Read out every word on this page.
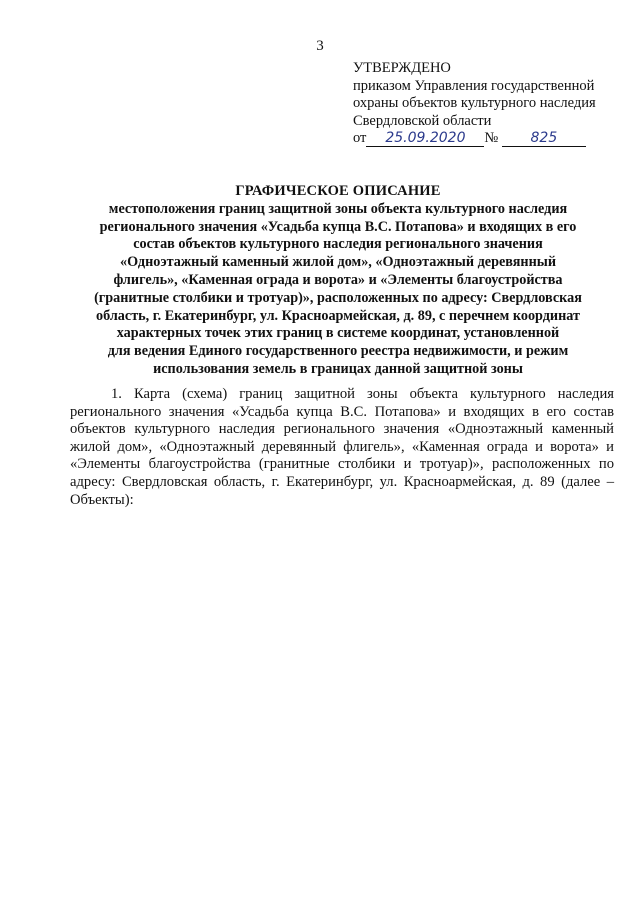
3
УТВЕРЖДЕНО
приказом Управления государственной
охраны объектов культурного наследия
Свердловской области
от 25.09.2020 № 825
ГРАФИЧЕСКОЕ ОПИСАНИЕ
местоположения границ защитной зоны объекта культурного наследия
регионального значения «Усадьба купца В.С. Потапова» и входящих в его
состав объектов культурного наследия регионального значения
«Одноэтажный каменный жилой дом», «Одноэтажный деревянный
флигель», «Каменная ограда и ворота» и «Элементы благоустройства
(гранитные столбики и тротуар)», расположенных по адресу: Свердловская
область, г. Екатеринбург, ул. Красноармейская, д. 89, с перечнем координат
характерных точек этих границ в системе координат, установленной
для ведения Единого государственного реестра недвижимости, и режим
использования земель в границах данной защитной зоны
1. Карта (схема) границ защитной зоны объекта культурного наследия регионального значения «Усадьба купца В.С. Потапова» и входящих в его состав объектов культурного наследия регионального значения «Одноэтажный каменный жилой дом», «Одноэтажный деревянный флигель», «Каменная ограда и ворота» и «Элементы благоустройства (гранитные столбики и тротуар)», расположенных по адресу: Свердловская область, г. Екатеринбург, ул. Красноармейская, д. 89 (далее – Объекты):
